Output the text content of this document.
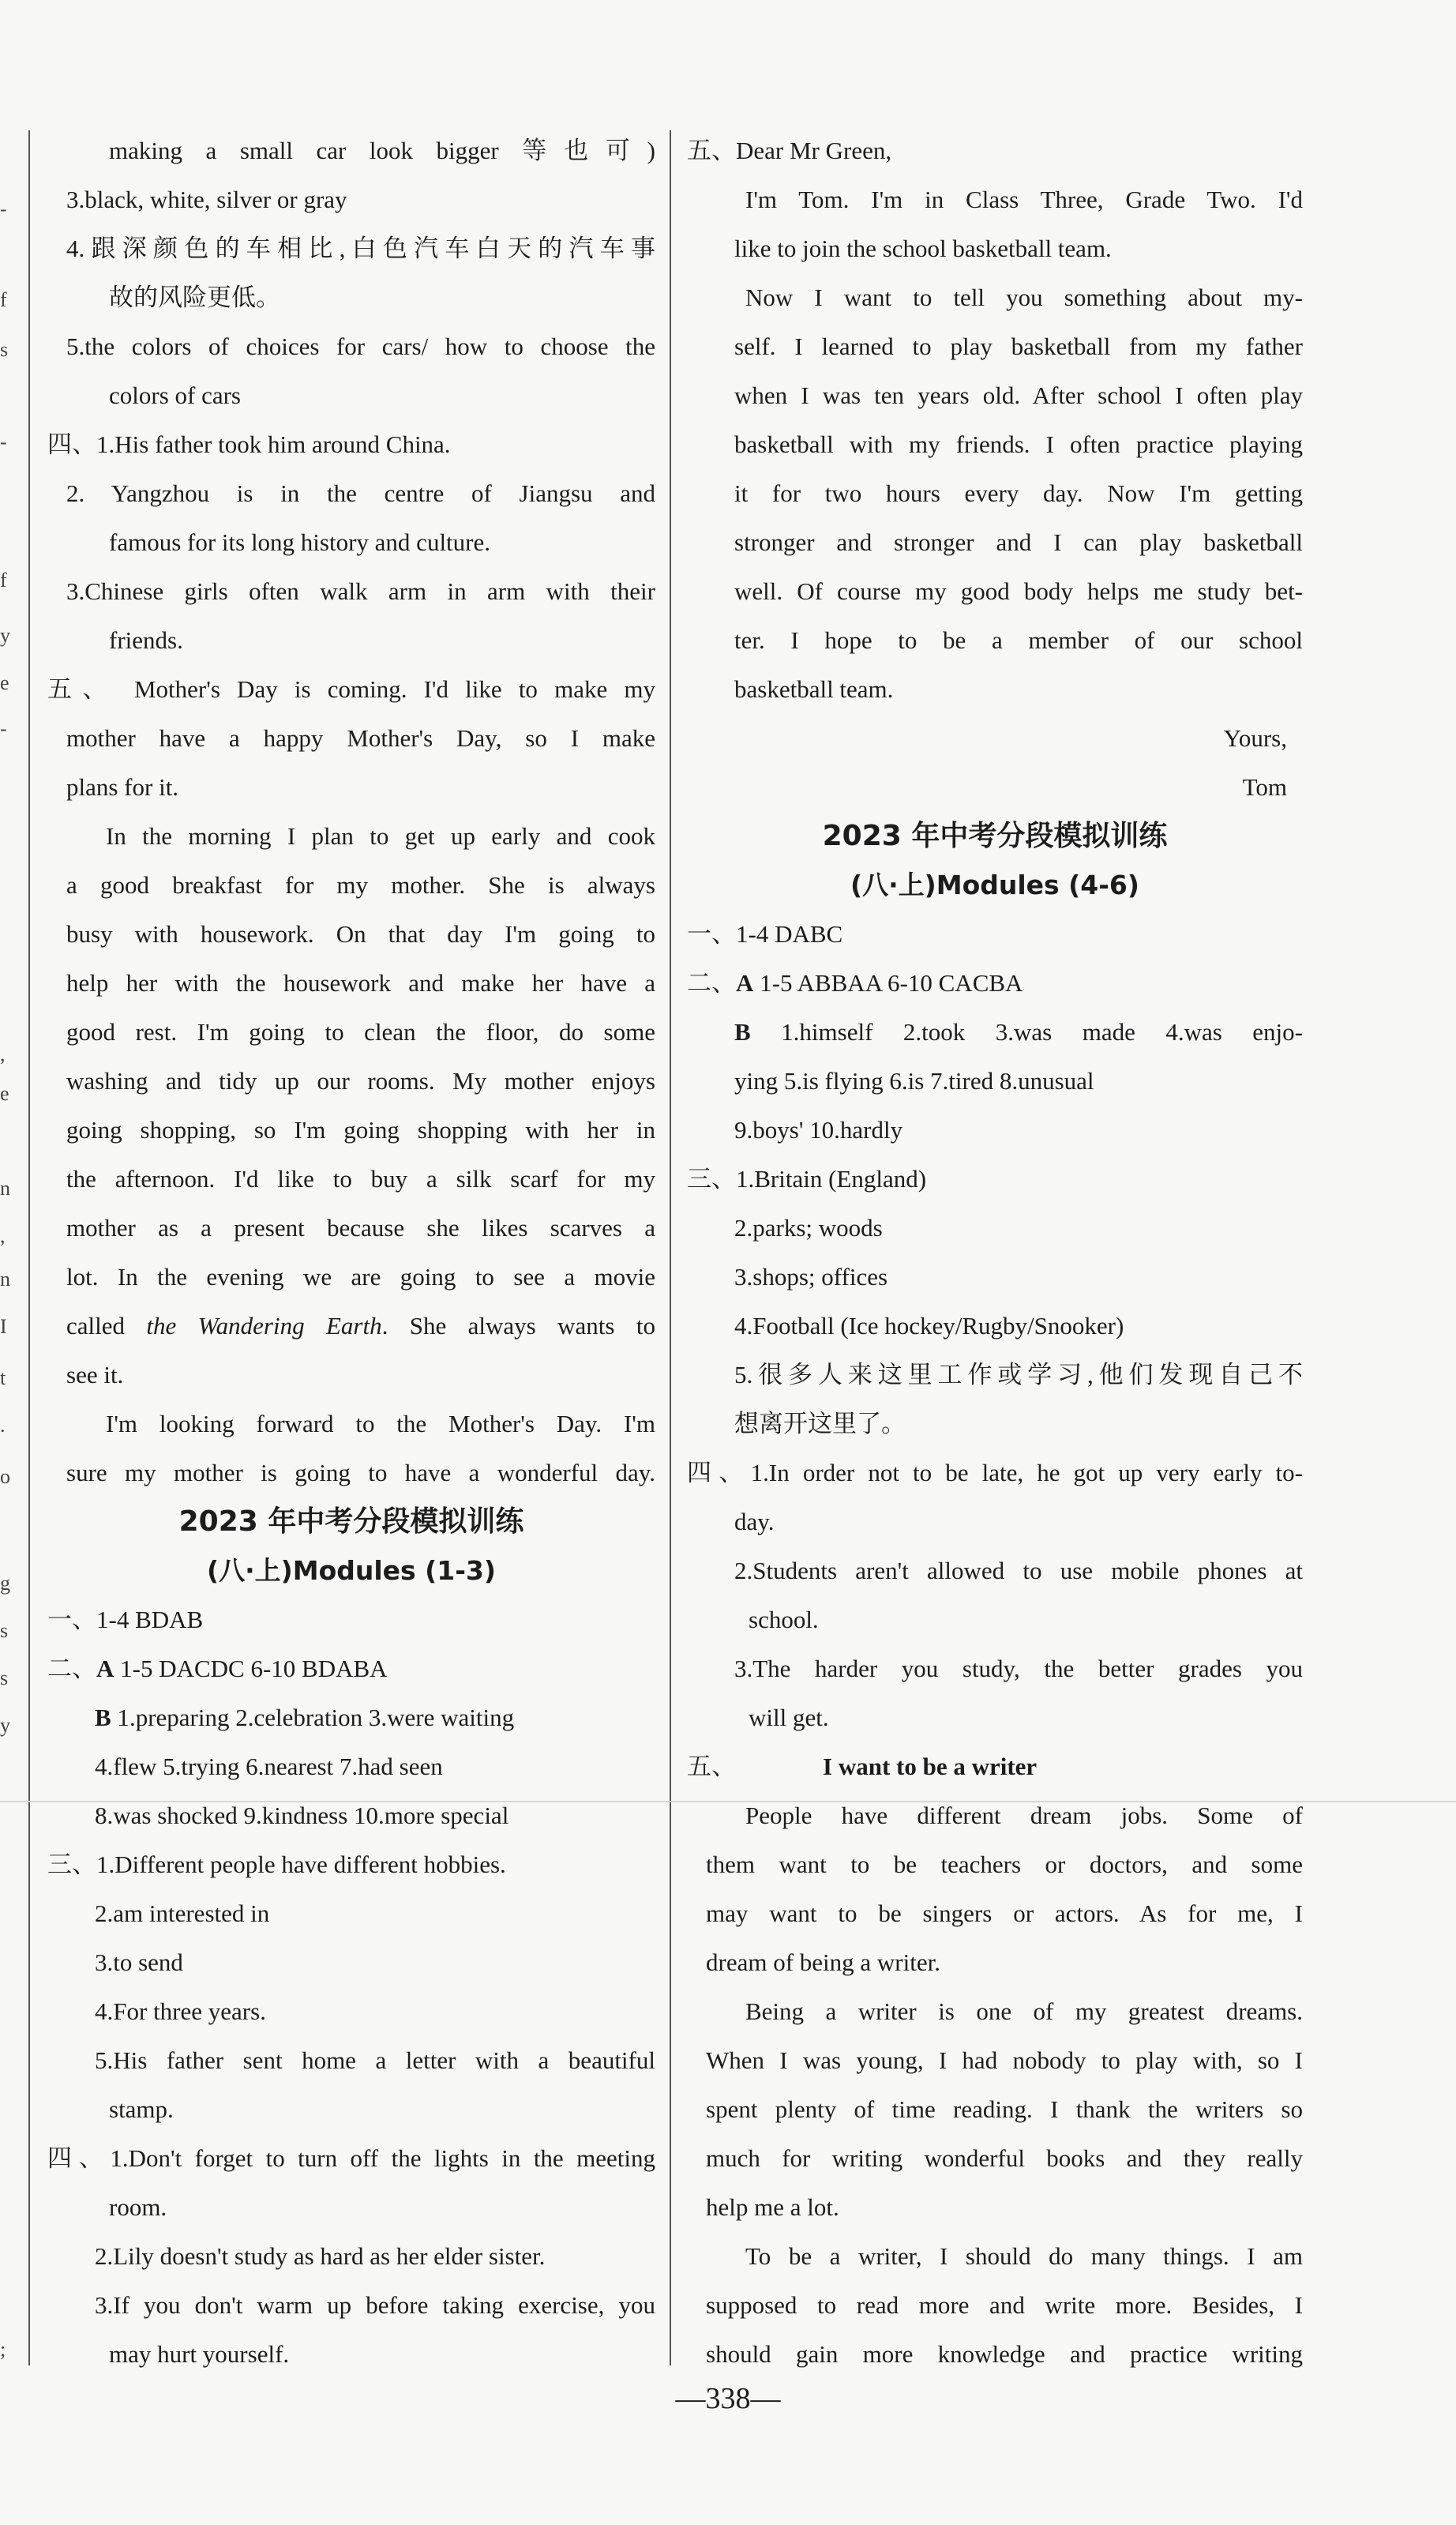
-
f
s
-
f
y
e
-
,
e
n
,
n
I
t
.
o
g
s
s
y
;
making a small car look bigger 等也可)
3.black, white, silver or gray
4.跟深颜色的车相比,白色汽车白天的汽车事
故的风险更低。
5.the colors of choices for cars/ how to choose the
colors of cars
四、1.His father took him around China.
2. Yangzhou is in the centre of Jiangsu and
famous for its long history and culture.
3.Chinese girls often walk arm in arm with their
friends.
五、 Mother's Day is coming. I'd like to make my
mother have a happy Mother's Day, so I make
plans for it.
In the morning I plan to get up early and cook
a good breakfast for my mother. She is always
busy with housework. On that day I'm going to
help her with the housework and make her have a
good rest. I'm going to clean the floor, do some
washing and tidy up our rooms. My mother enjoys
going shopping, so I'm going shopping with her in
the afternoon. I'd like to buy a silk scarf for my
mother as a present because she likes scarves a
lot. In the evening we are going to see a movie
called the Wandering Earth. She always wants to
see it.
I'm looking forward to the Mother's Day. I'm
sure my mother is going to have a wonderful day.
2023 年中考分段模拟训练
(八·上)Modules (1-3)
一、1-4 BDAB
二、A 1-5 DACDC 6-10 BDABA
B 1.preparing 2.celebration 3.were waiting
4.flew 5.trying 6.nearest 7.had seen
8.was shocked 9.kindness 10.more special
三、1.Different people have different hobbies.
2.am interested in
3.to send
4.For three years.
5.His father sent home a letter with a beautiful
stamp.
四、1.Don't forget to turn off the lights in the meeting
room.
2.Lily doesn't study as hard as her elder sister.
3.If you don't warm up before taking exercise, you
may hurt yourself.
五、Dear Mr Green,
I'm Tom. I'm in Class Three, Grade Two. I'd
like to join the school basketball team.
Now I want to tell you something about my-
self. I learned to play basketball from my father
when I was ten years old. After school I often play
basketball with my friends. I often practice playing
it for two hours every day. Now I'm getting
stronger and stronger and I can play basketball
well. Of course my good body helps me study bet-
ter. I hope to be a member of our school
basketball team.
Yours,
Tom
2023 年中考分段模拟训练
(八·上)Modules (4-6)
一、1-4 DABC
二、A 1-5 ABBAA 6-10 CACBA
B 1.himself 2.took 3.was made 4.was enjo-
ying 5.is flying 6.is 7.tired 8.unusual
9.boys' 10.hardly
三、1.Britain (England)
2.parks; woods
3.shops; offices
4.Football (Ice hockey/Rugby/Snooker)
5.很多人来这里工作或学习,他们发现自己不
想离开这里了。
四、1.In order not to be late, he got up very early to-
day.
2.Students aren't allowed to use mobile phones at
school.
3.The harder you study, the better grades you
will get.
五、	I want to be a writer
People have different dream jobs. Some of
them want to be teachers or doctors, and some
may want to be singers or actors. As for me, I
dream of being a writer.
Being a writer is one of my greatest dreams.
When I was young, I had nobody to play with, so I
spent plenty of time reading. I thank the writers so
much for writing wonderful books and they really
help me a lot.
To be a writer, I should do many things. I am
supposed to read more and write more. Besides, I
should gain more knowledge and practice writing
—338—
